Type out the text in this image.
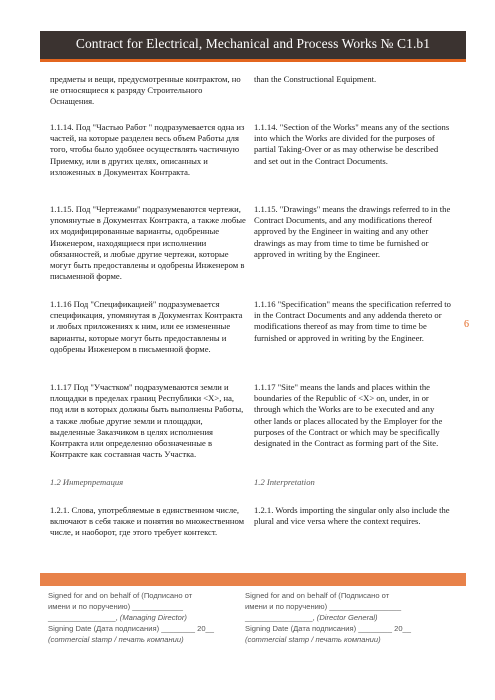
Contract for Electrical, Mechanical and Process Works № C1.b1
6

предметы и вещи, предусмотренные контрактом, но не относящиеся к разряду Строительного Оснащения.

1.1.14. Под "Частью Работ " подразумевается одна из частей, на которые разделен весь объем Работы для того, чтобы было удобнее осуществлять частичную Приемку, или в других целях, описанных и изложенных в Документах Контракта.

1.1.15. Под "Чертежами" подразумеваются чертежи, упомянутые в Документах Контракта, а также любые их модифицированные варианты, одобренные Инженером, находящиеся при исполнении обязанностей, и любые другие чертежи, которые могут быть предоставлены и одобрены Инженером в письменной форме.

1.1.16 Под "Спецификацией" подразумевается спецификация, упомянутая в Документах Контракта и любых приложениях к ним, или ее измененные варианты, которые могут быть предоставлены и одобрены Инженером в письменной форме.

1.1.17 Под "Участком" подразумеваются земли и площадки в пределах границ Республики <X>, на, под или в которых должны быть выполнены Работы, а также любые другие земли и площадки, выделенные Заказчиком в целях исполнения Контракта или определенно обозначенные в Контракте как составная часть Участка.

1.2 Интерпретация

1.2.1. Слова, употребляемые в единственном числе, включают в себя также и понятия во множественном числе, и наоборот, где этого требует контекст.

than the Constructional Equipment.

1.1.14. "Section of the Works" means any of the sections into which the Works are divided for the purposes of partial Taking-Over or as may otherwise be described and set out in the Contract Documents.

1.1.15. "Drawings" means the drawings referred to in the Contract Documents, and any modifications thereof approved by the Engineer in waiting and any other drawings as may from time to time be furnished or approved in writing by the Engineer.

1.1.16 "Specification" means the specification referred to in the Contract Documents and any addenda thereto or modifications thereof as may from time to time be furnished or approved in writing by the Engineer.

1.1.17 "Site" means the lands and places within the boundaries of the Republic of <X> on, under, in or through which the Works are to be executed and any other lands or places allocated by the Employer for the purposes of the Contract or which may be specifically designated in the Contract as forming part of the Site.

1.2 Interpretation

1.2.1. Words importing the singular only also include the plural and vice versa where the context requires.

Signed for and on behalf of (Подписано от

имени и по поручению) ____________

________________, (Managing Director)

Signing Date (Дата подписания) ________ 20__

(commercial stamp / печать компании)

Signed for and on behalf of (Подписано от

имени и по поручению) _________________

________________, (Director General)

Signing Date (Дата подписания) ________ 20__

(commercial stamp / печать компании)
